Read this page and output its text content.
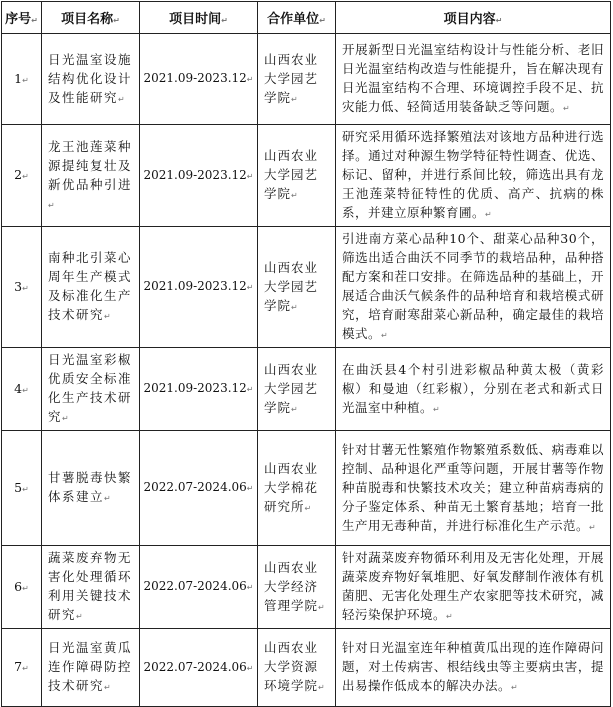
序号↵	项目名称↵	项目时间↵	合作单位↵	项目内容↵
1↵	日光温室设施结构优化设计及性能研究↵	2021.09-2023.12↵	山西农业大学园艺学院↵	开展新型日光温室结构设计与性能分析、老旧日光温室结构改造与性能提升，旨在解决现有日光温室结构不合理、环境调控手段不足、抗灾能力低、轻简适用装备缺乏等问题。↵
2↵	龙王池莲菜种源提纯复壮及新优品种引进↵	2021.09-2023.12↵	山西农业大学园艺学院↵	研究采用循环选择繁殖法对该地方品种进行选择。通过对种源生物学特征特性调查、优选、标记、留种，并进行系间比较，筛选出具有龙王池莲菜特征特性的优质、高产、抗病的株系，并建立原种繁育圃。↵
3↵	南种北引菜心周年生产模式及标准化生产技术研究↵	2021.09-2023.12↵	山西农业大学园艺学院↵	引进南方菜心品种10个、甜菜心品种30个，筛选出适合曲沃不同季节的栽培品种，品种搭配方案和茬口安排。在筛选品种的基础上，开展适合曲沃气候条件的品种培育和栽培模式研究，培育耐寒甜菜心新品种，确定最佳的栽培模式。↵
4↵	日光温室彩椒优质安全标准化生产技术研究↵	2021.09-2023.12↵	山西农业大学园艺学院↵	在曲沃县4个村引进彩椒品种黄太极（黄彩椒）和曼迪（红彩椒），分别在老式和新式日光温室中种植。↵
5↵	甘薯脱毒快繁体系建立↵	2022.07-2024.06↵	山西农业大学棉花研究所↵	针对甘薯无性繁殖作物繁殖系数低、病毒难以控制、品种退化严重等问题，开展甘薯等作物种苗脱毒和快繁技术攻关；建立种苗病毒病的分子鉴定体系、种苗无土繁育基地；培育一批生产用无毒种苗，并进行标准化生产示范。↵
6↵	蔬菜废弃物无害化处理循环利用关键技术研究↵	2022.07-2024.06↵	山西农业大学经济管理学院↵	针对蔬菜废弃物循环利用及无害化处理，开展蔬菜废弃物好氧堆肥、好氧发酵制作液体有机菌肥、无害化处理生产农家肥等技术研究，减轻污染保护环境。↵
7↵	日光温室黄瓜连作障碍防控技术研究↵	2022.07-2024.06↵	山西农业大学资源环境学院↵	针对日光温室连年种植黄瓜出现的连作障碍问题，对土传病害、根结线虫等主要病虫害，提出易操作低成本的解决办法。↵
